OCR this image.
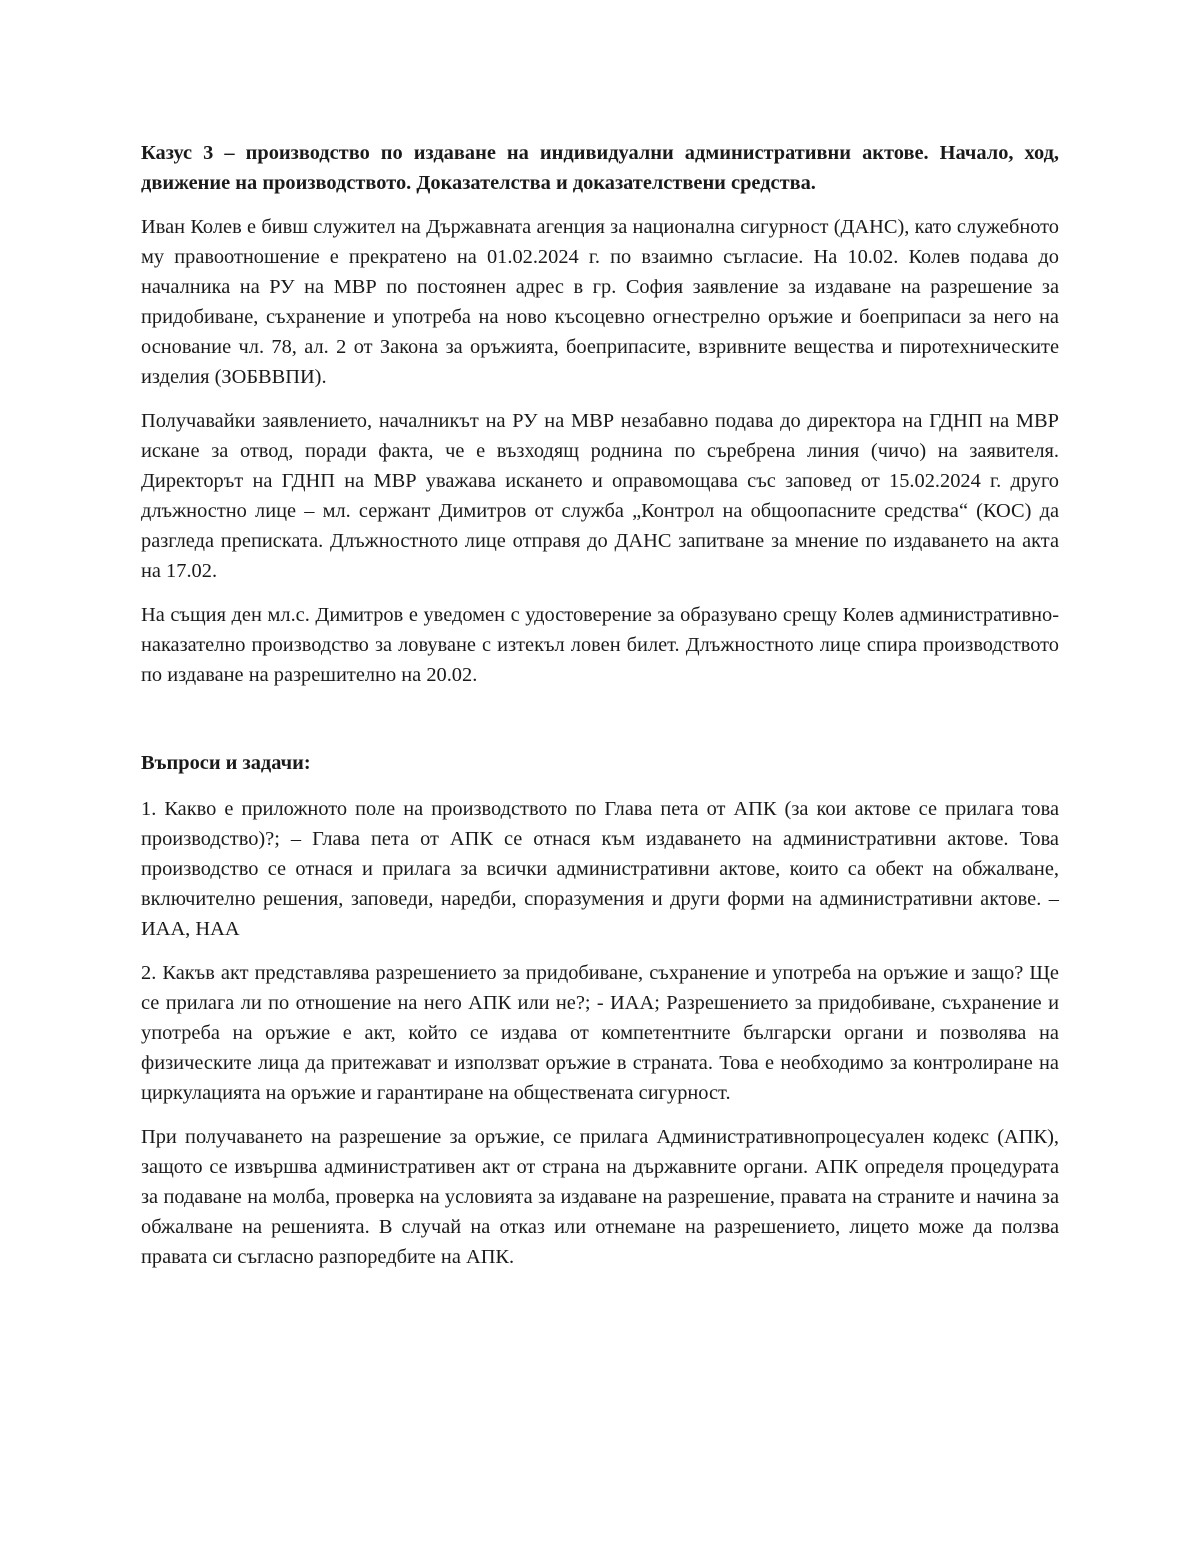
Казус 3 – производство по издаване на индивидуални административни актове. Начало, ход, движение на производството. Доказателства и доказателствени средства.

Иван Колев е бивш служител на Държавната агенция за национална сигурност (ДАНС), като служебното му правоотношение е прекратено на 01.02.2024 г. по взаимно съгласие. На 10.02. Колев подава до началника на РУ на МВР по постоянен адрес в гр. София заявление за издаване на разрешение за придобиване, съхранение и употреба на ново късоцевно огнестрелно оръжие и боеприпаси за него на основание чл. 78, ал. 2 от Закона за оръжията, боеприпасите, взривните вещества и пиротехническите изделия (ЗОБВВПИ).

Получавайки заявлението, началникът на РУ на МВР незабавно подава до директора на ГДНП на МВР искане за отвод, поради факта, че е възходящ роднина по съребрена линия (чичо) на заявителя. Директорът на ГДНП на МВР уважава искането и оправомощава със заповед от 15.02.2024 г. друго длъжностно лице – мл. сержант Димитров от служба „Контрол на общоопасните средства“ (КОС) да разгледа преписката. Длъжностното лице отправя до ДАНС запитване за мнение по издаването на акта на 17.02.

На същия ден мл.с. Димитров е уведомен с удостоверение за образувано срещу Колев административно-наказателно производство за ловуване с изтекъл ловен билет. Длъжностното лице спира производството по издаване на разрешително на 20.02.

Въпроси и задачи:

1. Какво е приложното поле на производството по Глава пета от АПК (за кои актове се прилага това производство)?; – Глава пета от АПК се отнася към издаването на административни актове. Това производство се отнася и прилага за всички административни актове, които са обект на обжалване, включително решения, заповеди, наредби, споразумения и други форми на административни актове. – ИАА, НАА

2. Какъв акт представлява разрешението за придобиване, съхранение и употреба на оръжие и защо? Ще се прилага ли по отношение на него АПК или не?; - ИАА; Разрешението за придобиване, съхранение и употреба на оръжие е акт, който се издава от компетентните български органи и позволява на физическите лица да притежават и използват оръжие в страната. Това е необходимо за контролиране на циркулацията на оръжие и гарантиране на обществената сигурност.

При получаването на разрешение за оръжие, се прилага Административнопроцесуален кодекс (АПК), защото се извършва административен акт от страна на държавните органи. АПК определя процедурата за подаване на молба, проверка на условията за издаване на разрешение, правата на страните и начина за обжалване на решенията. В случай на отказ или отнемане на разрешението, лицето може да ползва правата си съгласно разпоредбите на АПК.
